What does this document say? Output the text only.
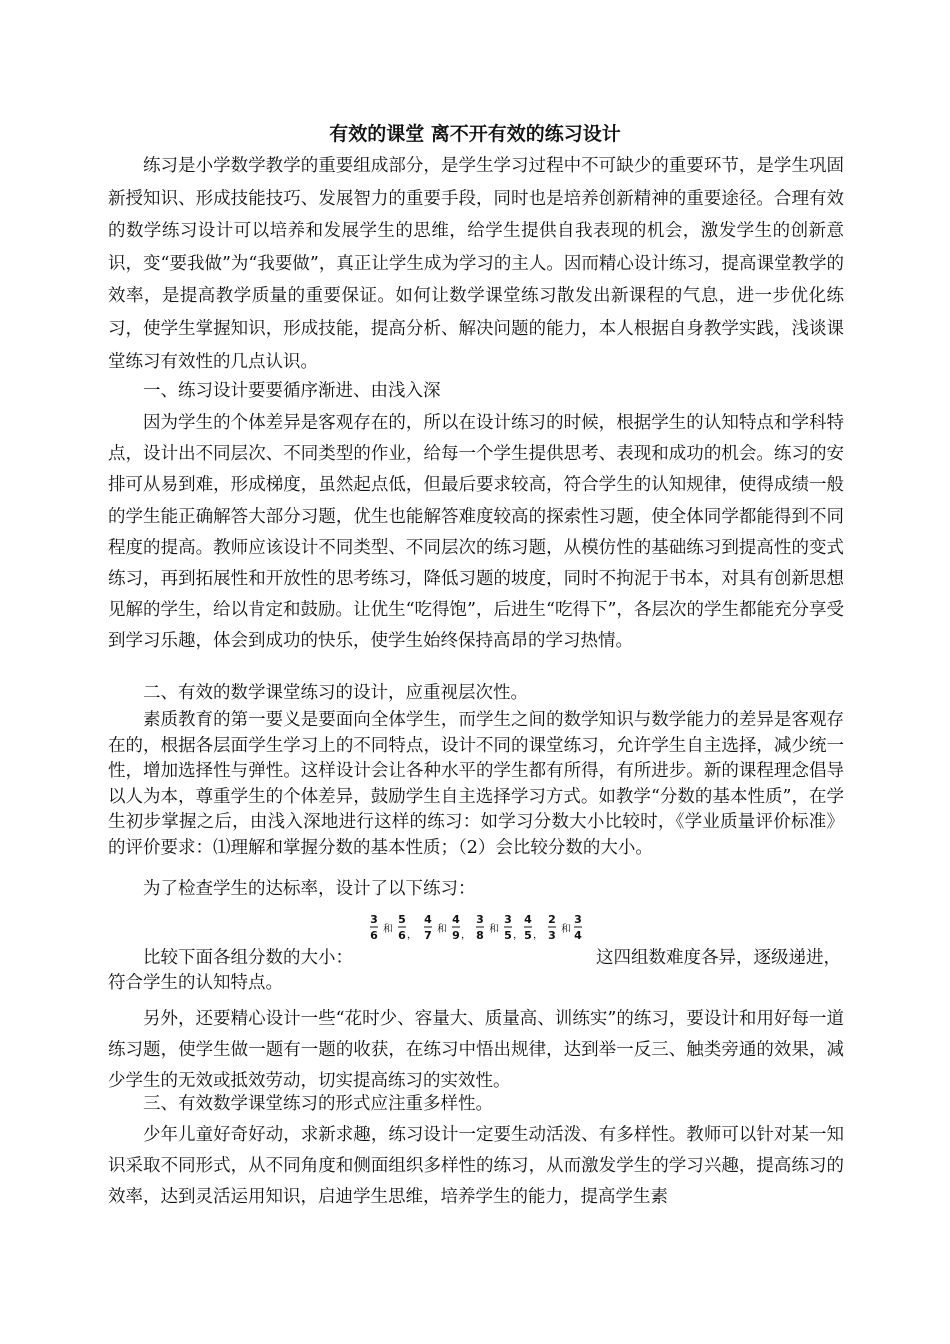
有效的课堂 离不开有效的练习设计

练习是小学数学教学的重要组成部分，是学生学习过程中不可缺少的重要环节，是学生巩固新授知识、形成技能技巧、发展智力的重要手段，同时也是培养创新精神的重要途径。合理有效的数学练习设计可以培养和发展学生的思维，给学生提供自我表现的机会，激发学生的创新意识，变“要我做”为“我要做”，真正让学生成为学习的主人。因而精心设计练习，提高课堂教学的效率，是提高教学质量的重要保证。如何让数学课堂练习散发出新课程的气息，进一步优化练习，使学生掌握知识，形成技能，提高分析、解决问题的能力，本人根据自身教学实践，浅谈课堂练习有效性的几点认识。

一、练习设计要要循序渐进、由浅入深

因为学生的个体差异是客观存在的，所以在设计练习的时候，根据学生的认知特点和学科特点，设计出不同层次、不同类型的作业，给每一个学生提供思考、表现和成功的机会。练习的安排可从易到难，形成梯度，虽然起点低，但最后要求较高，符合学生的认知规律，使得成绩一般的学生能正确解答大部分习题，优生也能解答难度较高的探索性习题，使全体同学都能得到不同程度的提高。教师应该设计不同类型、不同层次的练习题，从模仿性的基础练习到提高性的变式练习，再到拓展性和开放性的思考练习，降低习题的坡度，同时不拘泥于书本，对具有创新思想见解的学生，给以肯定和鼓励。让优生“吃得饱”，后进生“吃得下”，各层次的学生都能充分享受到学习乐趣，体会到成功的快乐，使学生始终保持高昂的学习热情。

二、有效的数学课堂练习的设计，应重视层次性。

素质教育的第一要义是要面向全体学生，而学生之间的数学知识与数学能力的差异是客观存在的，根据各层面学生学习上的不同特点，设计不同的课堂练习，允许学生自主选择，减少统一性，增加选择性与弹性。这样设计会让各种水平的学生都有所得，有所进步。新的课程理念倡导以人为本，尊重学生的个体差异，鼓励学生自主选择学习方式。如教学“分数的基本性质”，在学生初步掌握之后，由浅入深地进行这样的练习：如学习分数大小比较时，《学业质量评价标准》的评价要求：⑴理解和掌握分数的基本性质；（2）会比较分数的大小。

为了检查学生的达标率，设计了以下练习：

3
6 和
5
6 ，
4
7 和
4
9 ，
3
8 和
3
5 ，
4
5 ，
2
3 和
3
4
比较下面各组分数的大小：	这四组数难度各异，逐级递进，

符合学生的认知特点。

另外，还要精心设计一些“花时少、容量大、质量高、训练实”的练习，要设计和用好每一道练习题，使学生做一题有一题的收获，在练习中悟出规律，达到举一反三、触类旁通的效果，减少学生的无效或抵效劳动，切实提高练习的实效性。

三、有效数学课堂练习的形式应注重多样性。

少年儿童好奇好动，求新求趣，练习设计一定要生动活泼、有多样性。教师可以针对某一知识采取不同形式，从不同角度和侧面组织多样性的练习，从而激发学生的学习兴趣，提高练习的效率，达到灵活运用知识，启迪学生思维，培养学生的能力，提高学生素
